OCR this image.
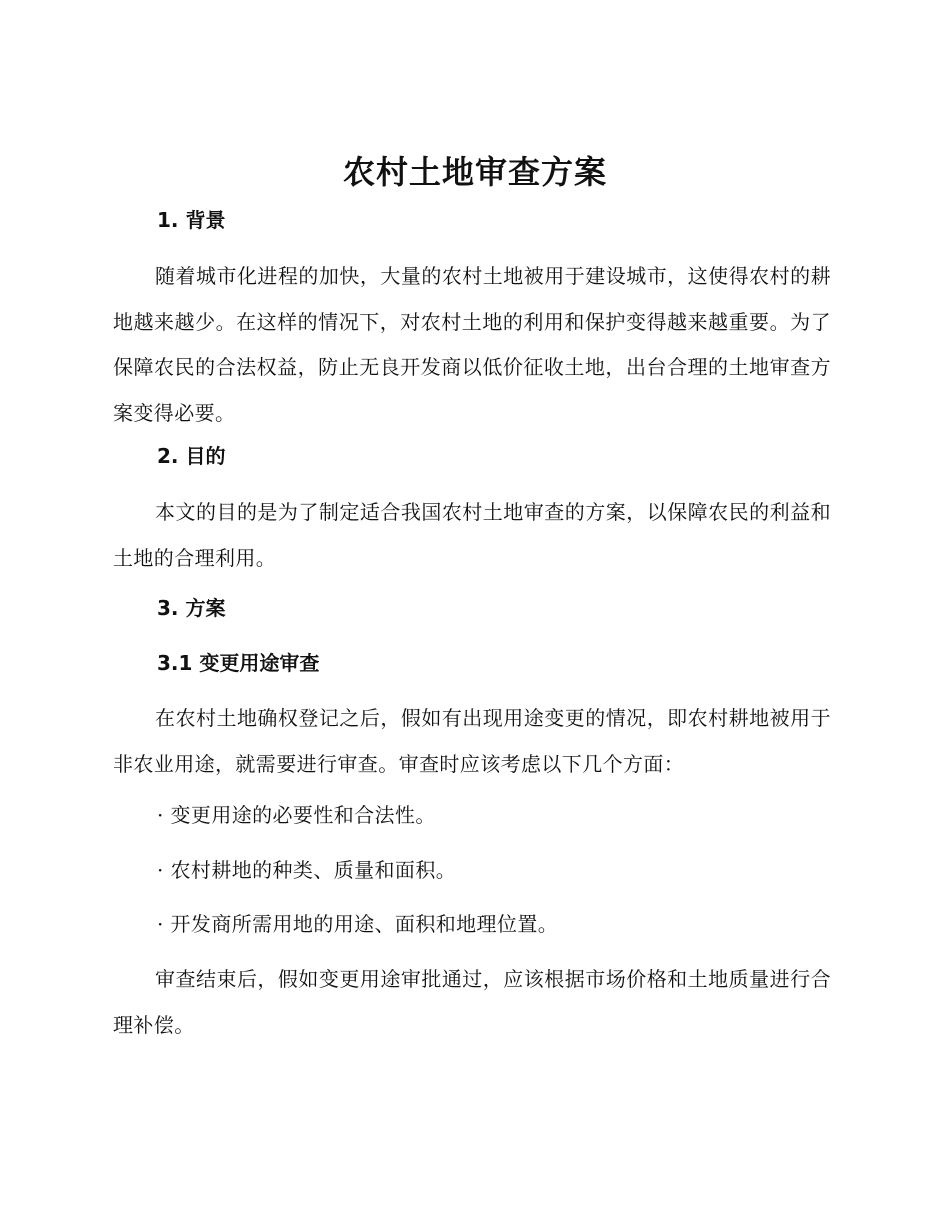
农村土地审查方案
1. 背景
随着城市化进程的加快，大量的农村土地被用于建设城市，这使得农村的耕地越来越少。在这样的情况下，对农村土地的利用和保护变得越来越重要。为了保障农民的合法权益，防止无良开发商以低价征收土地，出台合理的土地审查方案变得必要。
2. 目的
本文的目的是为了制定适合我国农村土地审查的方案，以保障农民的利益和土地的合理利用。
3. 方案
3.1 变更用途审查
在农村土地确权登记之后，假如有出现用途变更的情况，即农村耕地被用于非农业用途，就需要进行审查。审查时应该考虑以下几个方面：
· 变更用途的必要性和合法性。
· 农村耕地的种类、质量和面积。
· 开发商所需用地的用途、面积和地理位置。
审查结束后，假如变更用途审批通过，应该根据市场价格和土地质量进行合理补偿。
